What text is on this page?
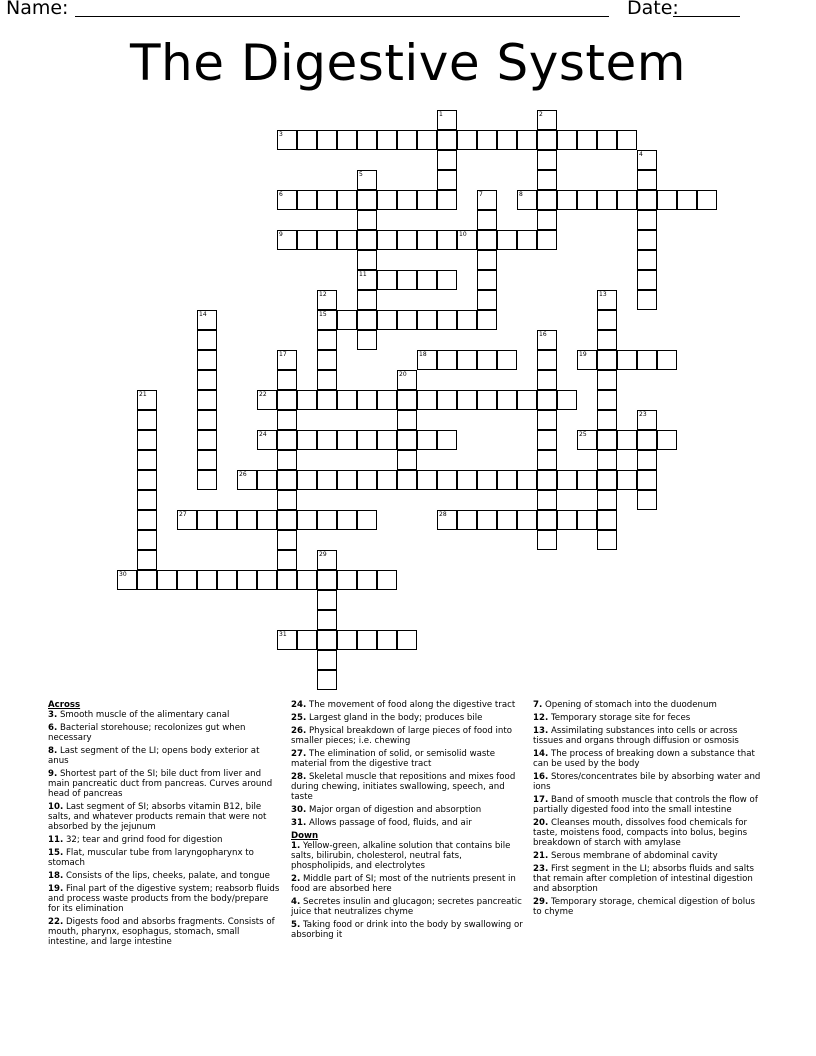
Name:	Date:
The Digestive System
1	2
3
4
5
11
6	7	8
9	10
12
15
13
14
16
17	18	19
20
21	22
23
24	25
26
27	28
29
30
31
Across
3. Smooth muscle of the alimentary canal
6. Bacterial storehouse; recolonizes gut when necessary
8. Last segment of the LI; opens body exterior at anus
9. Shortest part of the SI; bile duct from liver and main pancreatic duct from pancreas. Curves around head of pancreas
10. Last segment of SI; absorbs vitamin B12, bile salts, and whatever products remain that were not absorbed by the jejunum
11. 32; tear and grind food for digestion
15. Flat, muscular tube from laryngopharynx to stomach
18. Consists of the lips, cheeks, palate, and tongue
19. Final part of the digestive system; reabsorb fluids and process waste products from the body/prepare for its elimination
22. Digests food and absorbs fragments. Consists of mouth, pharynx, esophagus, stomach, small intestine, and large intestine
24. The movement of food along the digestive tract
25. Largest gland in the body; produces bile
26. Physical breakdown of large pieces of food into smaller pieces; i.e. chewing
27. The elimination of solid, or semisolid waste material from the digestive tract
28. Skeletal muscle that repositions and mixes food during chewing, initiates swallowing, speech, and taste
30. Major organ of digestion and absorption
31. Allows passage of food, fluids, and air
Down
1. Yellow-green, alkaline solution that contains bile salts, bilirubin, cholesterol, neutral fats, phospholipids, and electrolytes
2. Middle part of SI; most of the nutrients present in food are absorbed here
4. Secretes insulin and glucagon; secretes pancreatic juice that neutralizes chyme
5. Taking food or drink into the body by swallowing or absorbing it
7. Opening of stomach into the duodenum
12. Temporary storage site for feces
13. Assimilating substances into cells or across tissues and organs through diffusion or osmosis
14. The process of breaking down a substance that can be used by the body
16. Stores/concentrates bile by absorbing water and ions
17. Band of smooth muscle that controls the flow of partially digested food into the small intestine
20. Cleanses mouth, dissolves food chemicals for taste, moistens food, compacts into bolus, begins breakdown of starch with amylase
21. Serous membrane of abdominal cavity
23. First segment in the LI; absorbs fluids and salts that remain after completion of intestinal digestion and absorption
29. Temporary storage, chemical digestion of bolus to chyme
